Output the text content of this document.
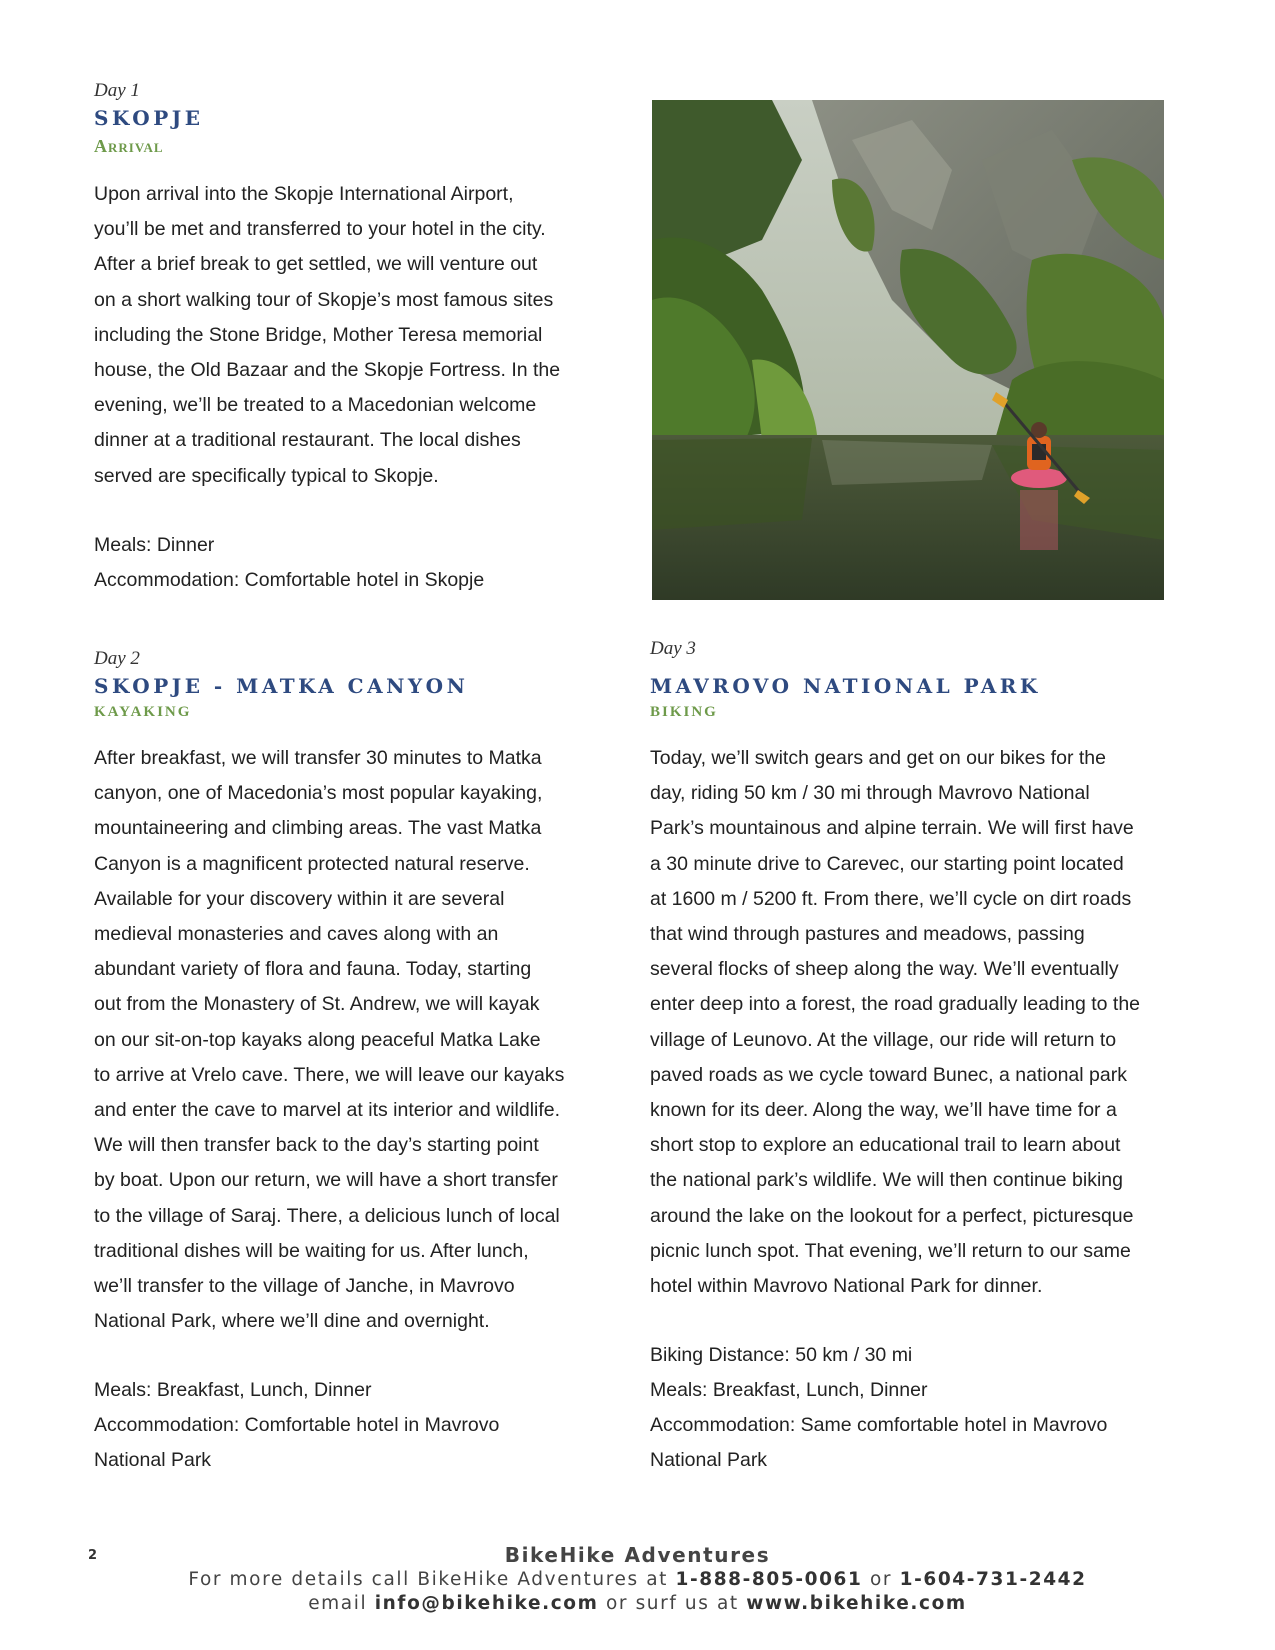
Day 1

SKOPJE

Arrival

Upon arrival into the Skopje International Airport,
you’ll be met and transferred to your hotel in the city.
After a brief break to get settled, we will venture out
on a short walking tour of Skopje’s most famous sites
including the Stone Bridge, Mother Teresa memorial
house, the Old Bazaar and the Skopje Fortress. In the
evening, we’ll be treated to a Macedonian welcome
dinner at a traditional restaurant. The local dishes
served are specifically typical to Skopje.

Meals: Dinner

Accommodation: Comfortable hotel in Skopje

Day 2

SKOPJE - MATKA CANYON

KAYAKING

After breakfast, we will transfer 30 minutes to Matka
canyon, one of Macedonia’s most popular kayaking,
mountaineering and climbing areas. The vast Matka
Canyon is a magnificent protected natural reserve.
Available for your discovery within it are several
medieval monasteries and caves along with an
abundant variety of flora and fauna. Today, starting
out from the Monastery of St. Andrew, we will kayak
on our sit-on-top kayaks along peaceful Matka Lake
to arrive at Vrelo cave. There, we will leave our kayaks
and enter the cave to marvel at its interior and wildlife.
We will then transfer back to the day’s starting point
by boat. Upon our return, we will have a short transfer
to the village of Saraj. There, a delicious lunch of local
traditional dishes will be waiting for us. After lunch,
we’ll transfer to the village of Janche, in Mavrovo
National Park, where we’ll dine and overnight.

Meals: Breakfast, Lunch, Dinner

Accommodation: Comfortable hotel in Mavrovo

National Park

Day 3

MAVROVO NATIONAL PARK

BIKING

Today, we’ll switch gears and get on our bikes for the
day, riding 50 km / 30 mi through Mavrovo National
Park’s mountainous and alpine terrain. We will first have
a 30 minute drive to Carevec, our starting point located
at 1600 m / 5200 ft. From there, we’ll cycle on dirt roads
that wind through pastures and meadows, passing
several flocks of sheep along the way. We’ll eventually
enter deep into a forest, the road gradually leading to the
village of Leunovo. At the village, our ride will return to
paved roads as we cycle toward Bunec, a national park
known for its deer. Along the way, we’ll have time for a
short stop to explore an educational trail to learn about
the national park’s wildlife. We will then continue biking
around the lake on the lookout for a perfect, picturesque
picnic lunch spot. That evening, we’ll return to our same
hotel within Mavrovo National Park for dinner.

Biking Distance: 50 km / 30 mi

Meals: Breakfast, Lunch, Dinner

Accommodation: Same comfortable hotel in Mavrovo

National Park

2	BikeHike Adventures
For more details call BikeHike Adventures at 1-888-805-0061 or 1-604-731-2442
email info@bikehike.com or surf us at www.bikehike.com
